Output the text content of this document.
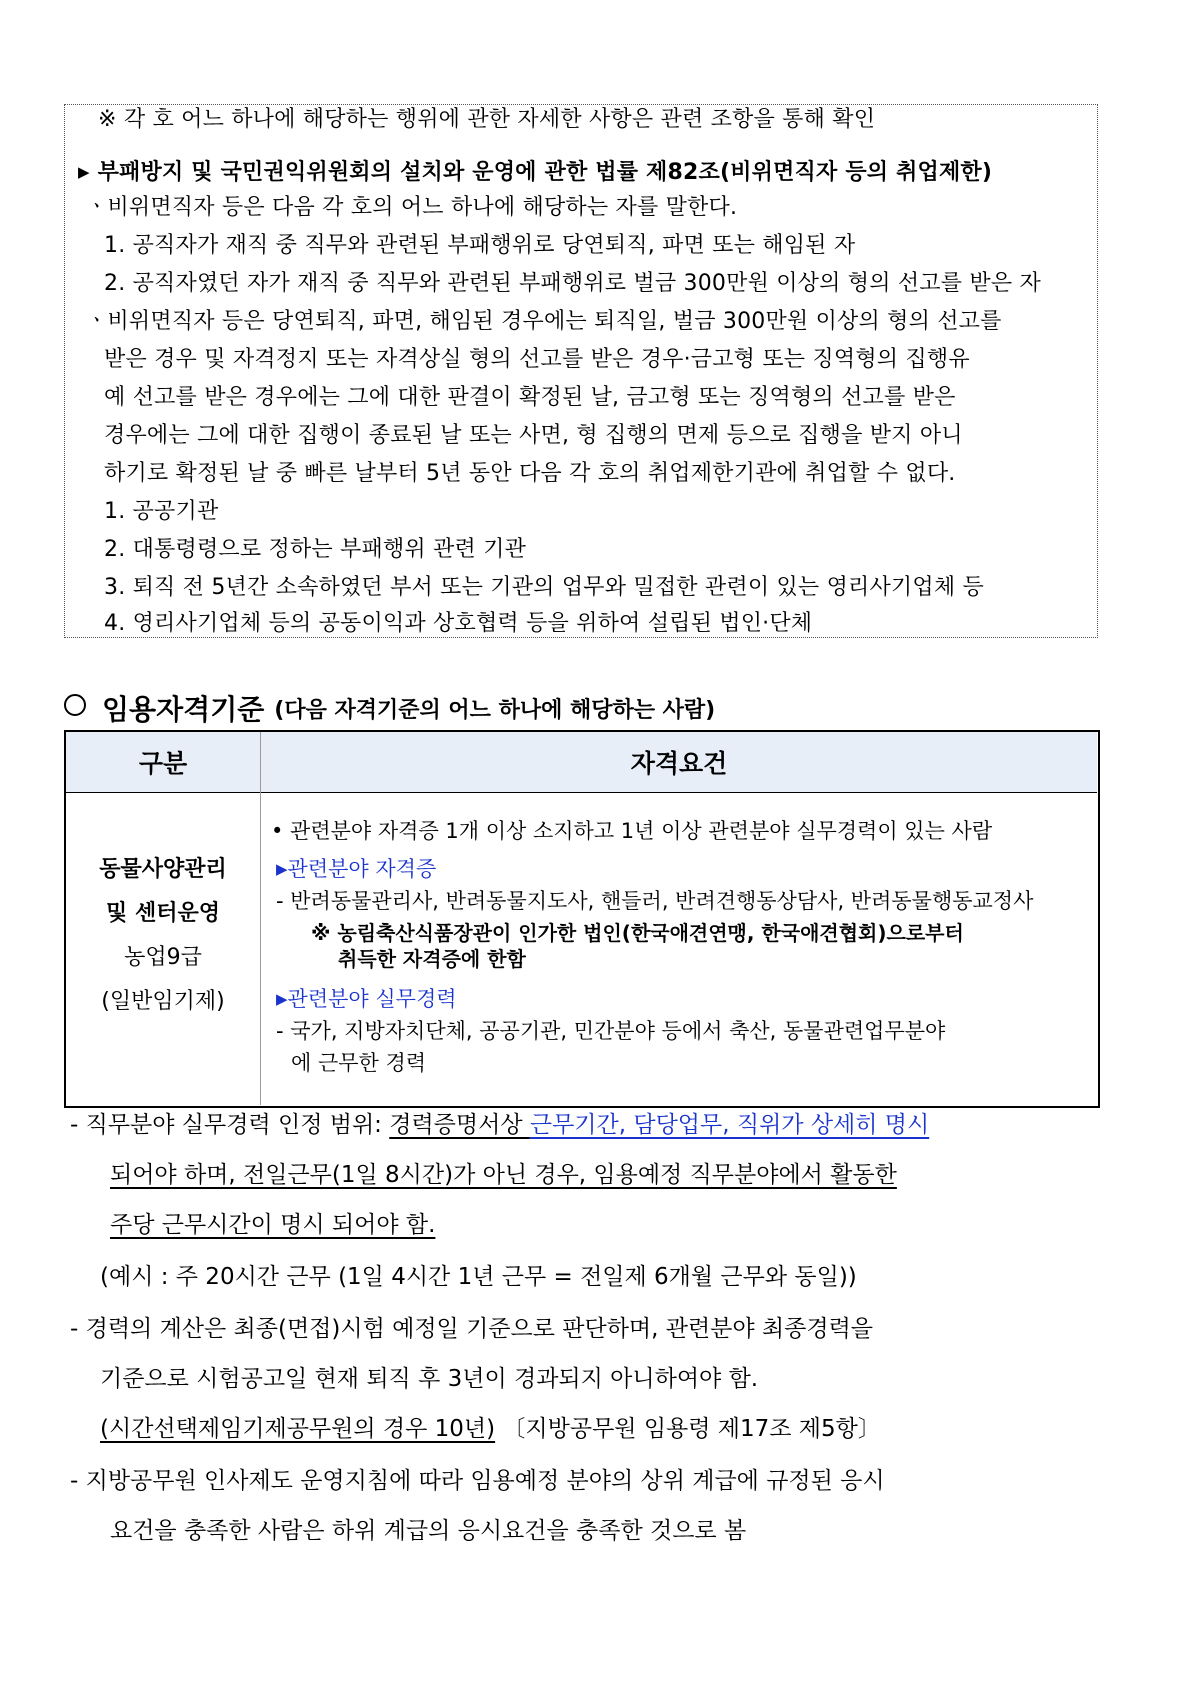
※ 각 호 어느 하나에 해당하는 행위에 관한 자세한 사항은 관련 조항을 통해 확인
▶ 부패방지 및 국민권익위원회의 설치와 운영에 관한 법률 제82조(비위면직자 등의 취업제한)
ㆍ비위면직자 등은 다음 각 호의 어느 하나에 해당하는 자를 말한다.
1. 공직자가 재직 중 직무와 관련된 부패행위로 당연퇴직, 파면 또는 해임된 자
2. 공직자였던 자가 재직 중 직무와 관련된 부패행위로 벌금 300만원 이상의 형의 선고를 받은 자
ㆍ비위면직자 등은 당연퇴직, 파면, 해임된 경우에는 퇴직일, 벌금 300만원 이상의 형의 선고를
받은 경우 및 자격정지 또는 자격상실 형의 선고를 받은 경우·금고형 또는 징역형의 집행유
예 선고를 받은 경우에는 그에 대한 판결이 확정된 날, 금고형 또는 징역형의 선고를 받은
경우에는 그에 대한 집행이 종료된 날 또는 사면, 형 집행의 면제 등으로 집행을 받지 아니
하기로 확정된 날 중 빠른 날부터 5년 동안 다음 각 호의 취업제한기관에 취업할 수 없다.
1. 공공기관
2. 대통령령으로 정하는 부패행위 관련 기관
3. 퇴직 전 5년간 소속하였던 부서 또는 기관의 업무와 밀접한 관련이 있는 영리사기업체 등
4. 영리사기업체 등의 공동이익과 상호협력 등을 위하여 설립된 법인·단체
임용자격기준 (다음 자격기준의 어느 하나에 해당하는 사람)
구분	자격요건
동물사양관리
및 센터운영
농업9급
(일반임기제)
• 관련분야 자격증 1개 이상 소지하고 1년 이상 관련분야 실무경력이 있는 사람
▶관련분야 자격증
- 반려동물관리사, 반려동물지도사, 핸들러, 반려견행동상담사, 반려동물행동교정사
※ 농림축산식품장관이 인가한 법인(한국애견연맹, 한국애견협회)으로부터
취득한 자격증에 한함
▶관련분야 실무경력
- 국가, 지방자치단체, 공공기관, 민간분야 등에서 축산, 동물관련업무분야
에 근무한 경력
- 직무분야 실무경력 인정 범위: 경력증명서상 근무기간, 담당업무, 직위가 상세히 명시
되어야 하며, 전일근무(1일 8시간)가 아닌 경우, 임용예정 직무분야에서 활동한
주당 근무시간이 명시 되어야 함.
(예시 : 주 20시간 근무 (1일 4시간 1년 근무 = 전일제 6개월 근무와 동일))
- 경력의 계산은 최종(면접)시험 예정일 기준으로 판단하며, 관련분야 최종경력을
기준으로 시험공고일 현재 퇴직 후 3년이 경과되지 아니하여야 함.
(시간선택제임기제공무원의 경우 10년) 〔지방공무원 임용령 제17조 제5항〕
- 지방공무원 인사제도 운영지침에 따라 임용예정 분야의 상위 계급에 규정된 응시
요건을 충족한 사람은 하위 계급의 응시요건을 충족한 것으로 봄
